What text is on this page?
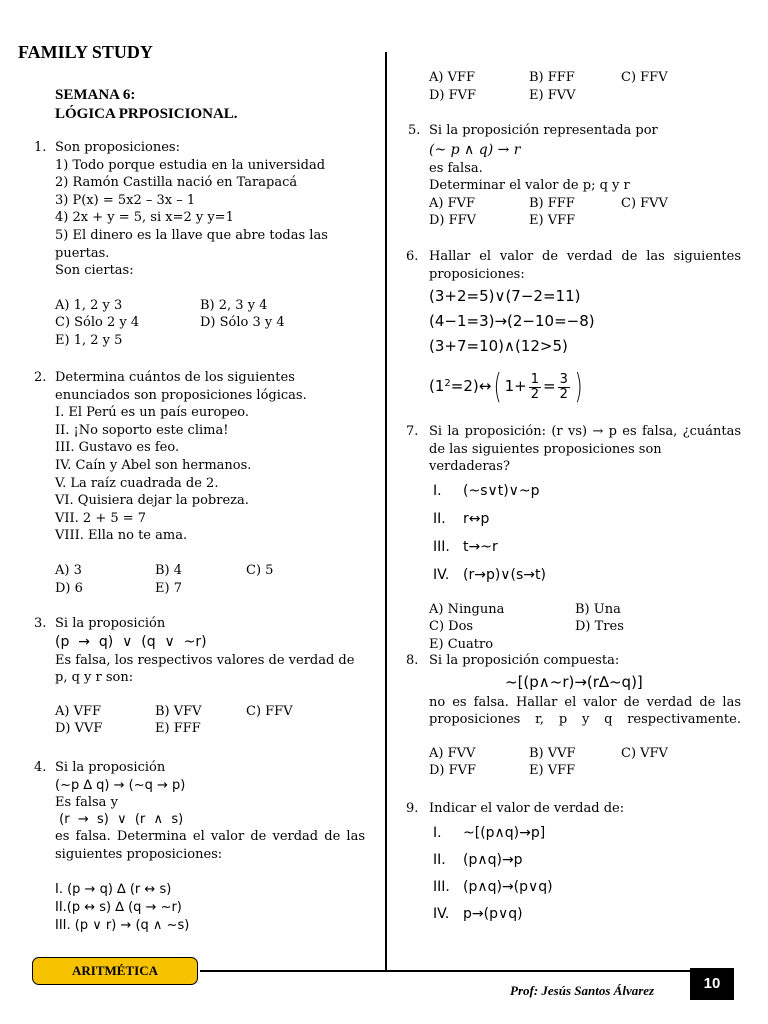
FAMILY STUDY
SEMANA 6:
LÓGICA PRPOSICIONAL.
1. Son proposiciones:
1) Todo porque estudia en la universidad
2) Ramón Castilla nació en Tarapacá
3) P(x) = 5x2 – 3x – 1
4) 2x + y = 5, si x=2 y y=1
5) El dinero es la llave que abre todas las
puertas.
Son ciertas:
A) 1, 2 y 3	B) 2, 3 y 4
C) Sólo 2 y 4	D) Sólo 3 y 4
E) 1, 2 y 5
2. Determina cuántos de los siguientes
enunciados son proposiciones lógicas.
I. El Perú es un país europeo.
II. ¡No soporto este clima!
III. Gustavo es feo.
IV. Caín y Abel son hermanos.
V. La raíz cuadrada de 2.
VI. Quisiera dejar la pobreza.
VII. 2 + 5 = 7
VIII. Ella no te ama.
A) 3	B) 4	C) 5
D) 6	E) 7
3. Si la proposición
(p  →  q)  ∨  (q  ∨  ~r)
Es falsa, los respectivos valores de verdad de
p, q y r son:
A) VFF	B) VFV	C) FFV
D) VVF	E) FFF
4. Si la proposición
(~p ∆ q) → (~q → p)
Es falsa y
(r  →  s)  ∨  (r  ∧  s)
es falsa. Determina el valor de verdad de las
siguientes proposiciones:
I. (p → q) ∆ (r ↔ s)
II.(p ↔ s) ∆ (q → ~r)
III. (p ∨ r) → (q ∧ ~s)
A) VFF	B) FFF	C) FFV
D) FVF	E) FVV
5. Si la proposición representada por
(~ p ∧ q) → r
es falsa.
Determinar el valor de p; q y r
A) FVF	B) FFF	C) FVV
D) FFV	E) VFF
6. Hallar el valor de verdad de las siguientes
proposiciones:
(3+2=5)∨(7−2=11)
(4−1=3)→(2−10=−8)
(3+7=10)∧(12>5)
($1^2$ =2)↔ ( $1+ \frac{1}{2} = \frac{3}{2}$ )
7. Si la proposición: (r vs) → p es falsa, ¿cuántas
de las siguientes proposiciones son verdaderas?
I.	(~s∨t)∨~p
II.	r↔p
III. t→~r
IV. (r→p)∨(s→t)
A) Ninguna	B) Una
C) Dos	D) Tres
E) Cuatro
8. Si la proposición compuesta:
~[(p∧~r)→(r∆~q)]
no es falsa. Hallar el valor de verdad de las
proposiciones r, p y q respectivamente.
A) FVV	B) VVF	C) VFV
D) FVF	E) VFF
9. Indicar el valor de verdad de:
I.	~[(p∧q)→p]
II.	(p∧q)→p
III. (p∧q)→(p∨q)
IV. p→(p∨q)
ARITMÉTICA
Prof: Jesús Santos Álvarez	10
